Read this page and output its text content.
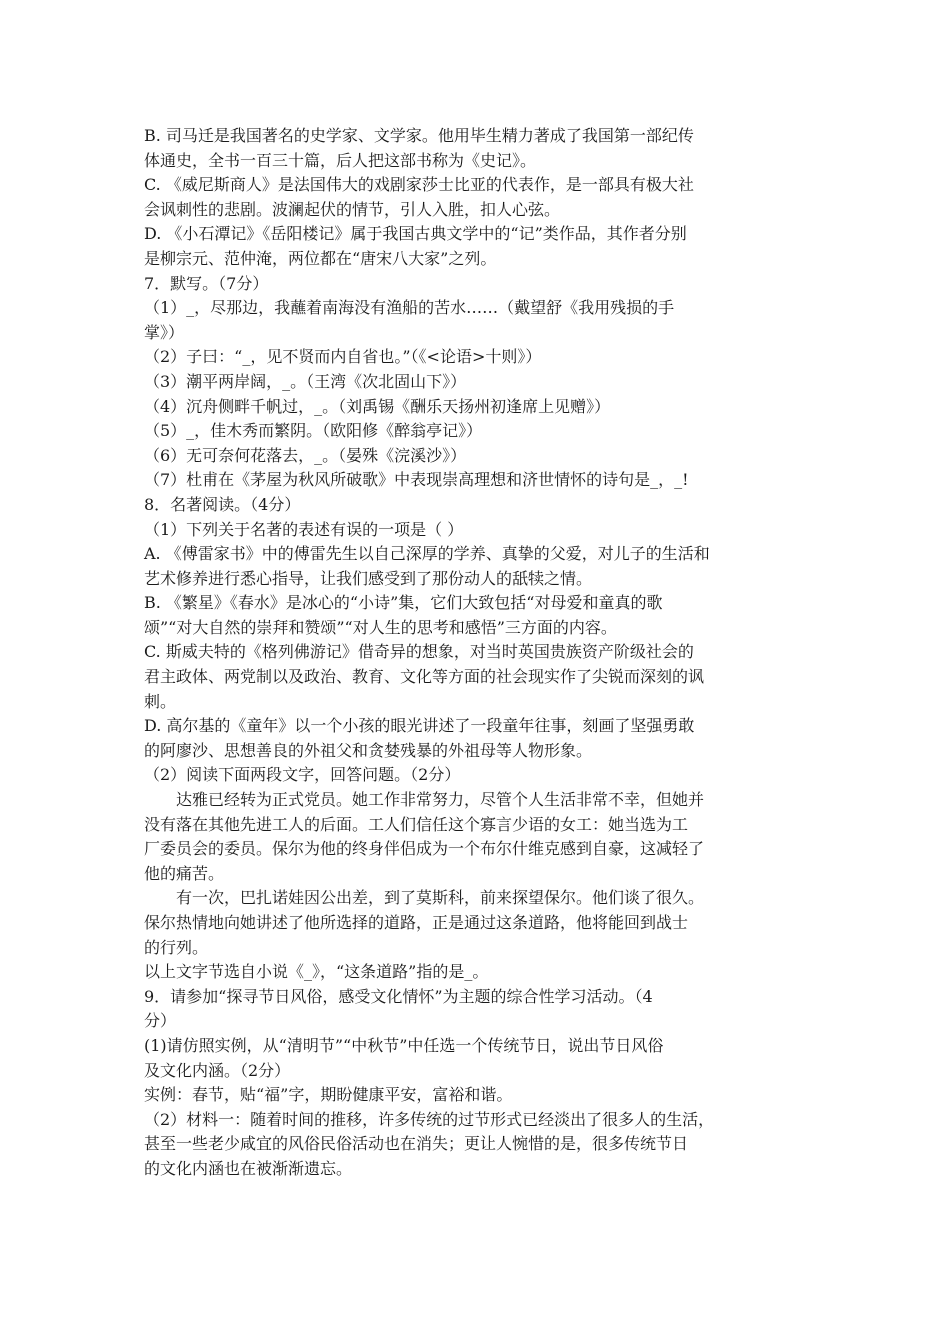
B. 司马迁是我国著名的史学家、文学家。他用毕生精力著成了我国第一部纪传
体通史，全书一百三十篇，后人把这部书称为《史记》。
C. 《威尼斯商人》是法国伟大的戏剧家莎士比亚的代表作，是一部具有极大社
会讽刺性的悲剧。波澜起伏的情节，引人入胜，扣人心弦。
D. 《小石潭记》《岳阳楼记》属于我国古典文学中的“记”类作品，其作者分别
是柳宗元、范仲淹，两位都在“唐宋八大家”之列。
7．默写。（7分）
（1）_，尽那边，我蘸着南海没有渔船的苦水……（戴望舒《我用残损的手
掌》）
（2）子曰：“_，见不贤而内自省也。”（《<论语>十则》）
（3）潮平两岸阔，_。（王湾《次北固山下》）
（4）沉舟侧畔千帆过，_。（刘禹锡《酬乐天扬州初逢席上见赠》）
（5）_，佳木秀而繁阴。（欧阳修《醉翁亭记》）
（6）无可奈何花落去，_。（晏殊《浣溪沙》）
（7）杜甫在《茅屋为秋风所破歌》中表现崇高理想和济世情怀的诗句是_，_!
8．名著阅读。（4分）
（1）下列关于名著的表述有误的一项是（ ）
A. 《傅雷家书》中的傅雷先生以自己深厚的学养、真挚的父爱，对儿子的生活和
艺术修养进行悉心指导，让我们感受到了那份动人的舐犊之情。
B. 《繁星》《春水》是冰心的“小诗”集，它们大致包括“对母爱和童真的歌
颂”“对大自然的崇拜和赞颂”“对人生的思考和感悟”三方面的内容。
C. 斯威夫特的《格列佛游记》借奇异的想象，对当时英国贵族资产阶级社会的
君主政体、两党制以及政治、教育、文化等方面的社会现实作了尖锐而深刻的讽
刺。
D. 高尔基的《童年》以一个小孩的眼光讲述了一段童年往事，刻画了坚强勇敢
的阿廖沙、思想善良的外祖父和贪婪残暴的外祖母等人物形象。
（2）阅读下面两段文字，回答问题。（2分）
达雅已经转为正式党员。她工作非常努力，尽管个人生活非常不幸，但她并
没有落在其他先进工人的后面。工人们信任这个寡言少语的女工：她当选为工
厂委员会的委员。保尔为他的终身伴侣成为一个布尔什维克感到自豪，这减轻了
他的痛苦。
有一次，巴扎诺娃因公出差，到了莫斯科，前来探望保尔。他们谈了很久。
保尔热情地向她讲述了他所选择的道路，正是通过这条道路，他将能回到战士
的行列。
以上文字节选自小说《_》，“这条道路”指的是_。
9．请参加“探寻节日风俗，感受文化情怀”为主题的综合性学习活动。（4
分）
(1)请仿照实例，从“清明节”“中秋节”中任选一个传统节日，说出节日风俗
及文化内涵。（2分）
实例：春节，贴“福”字，期盼健康平安，富裕和谐。
（2）材料一：随着时间的推移，许多传统的过节形式已经淡出了很多人的生活，
甚至一些老少咸宜的风俗民俗活动也在消失；更让人惋惜的是，很多传统节日
的文化内涵也在被渐渐遗忘。
